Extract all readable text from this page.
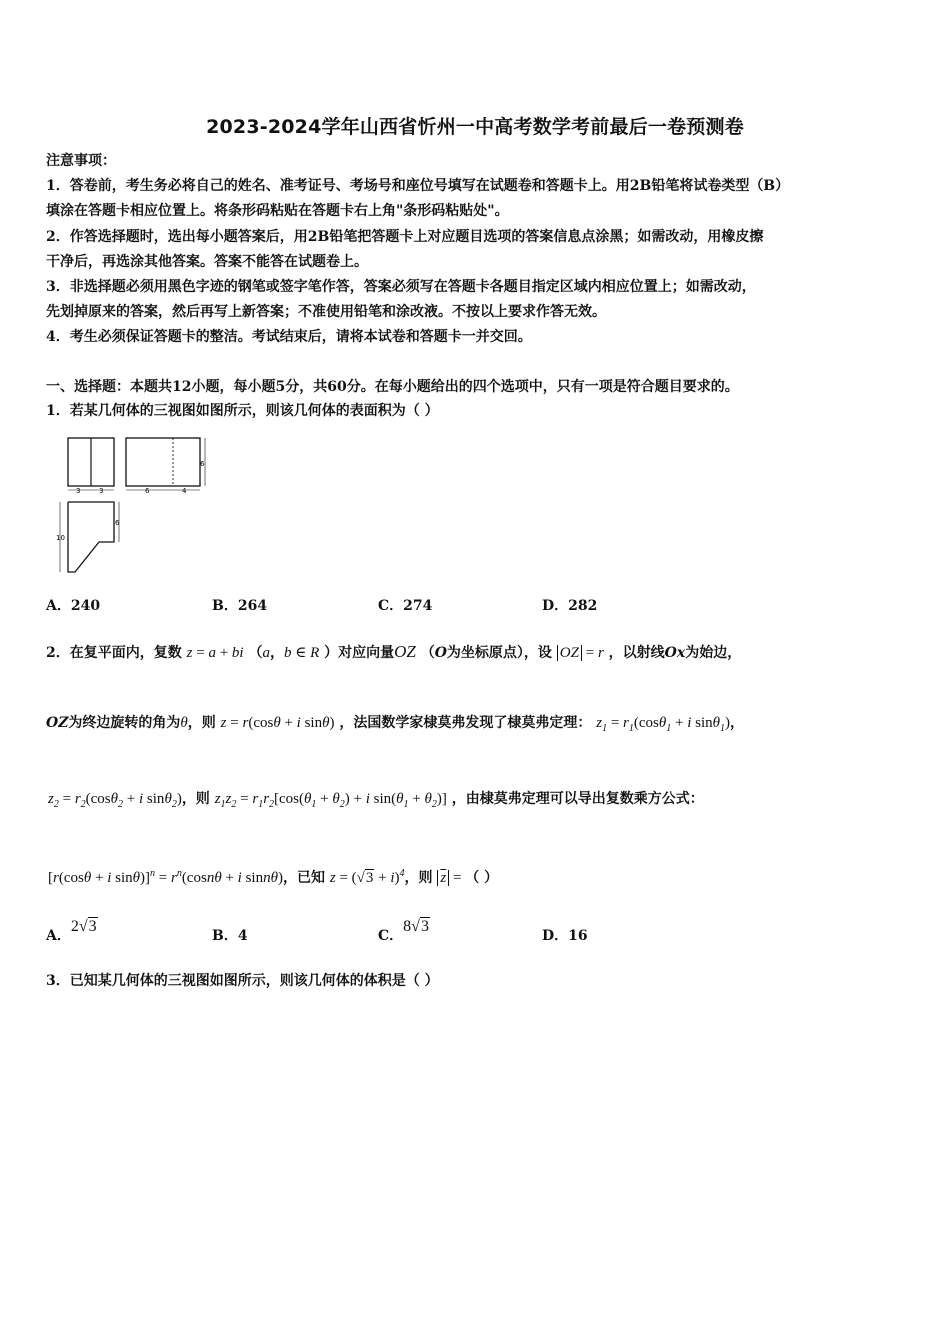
2023-2024学年山西省忻州一中高考数学考前最后一卷预测卷
注意事项：
1．答卷前，考生务必将自己的姓名、准考证号、考场号和座位号填写在试题卷和答题卡上。用2B铅笔将试卷类型（B）
填涂在答题卡相应位置上。将条形码粘贴在答题卡右上角"条形码粘贴处"。
2．作答选择题时，选出每小题答案后，用2B铅笔把答题卡上对应题目选项的答案信息点涂黑；如需改动，用橡皮擦
干净后，再选涂其他答案。答案不能答在试题卷上。
3．非选择题必须用黑色字迹的钢笔或签字笔作答，答案必须写在答题卡各题目指定区域内相应位置上；如需改动，
先划掉原来的答案，然后再写上新答案；不准使用铅笔和涂改液。不按以上要求作答无效。
4．考生必须保证答题卡的整洁。考试结束后，请将本试卷和答题卡一并交回。
一、选择题：本题共12小题，每小题5分，共60分。在每小题给出的四个选项中，只有一项是符合题目要求的。
1．若某几何体的三视图如图所示，则该几何体的表面积为（ ）
3	3	6	4
6
10
6
A．240	B．264	C．274	D．282
2．在复平面内，复数 z = a + bi （a，b ∈ R ）对应向量OZ （O为坐标原点），设 OZ = r ，以射线Ox为始边，
OZ为终边旋转的角为θ，则 z = r(cosθ + i sinθ) ，法国数学家棣莫弗发现了棣莫弗定理： $z_1 = r_1(\cos\theta_1 + i$ sinθ$_1$)，
$z_2 = r_2(\cos\theta_2 + i$ sinθ$_2$)，则 $z_1z_2 = r_1r_2[\cos(\theta_1 + \theta_2) + i$ $\sin(\theta_1 + \theta_2)$] ，由棣莫弗定理可以导出复数乘方公式：
[r(cosθ + i $\sin\theta)]^n = r^n(\cos n\theta + i$ sinnθ)，已知 $z = (√3 + i)^4$，则 $\overline{z}$ = （ ）
A．2√3
B．4	C．8√3
D．16
3．已知某几何体的三视图如图所示，则该几何体的体积是（ ）
